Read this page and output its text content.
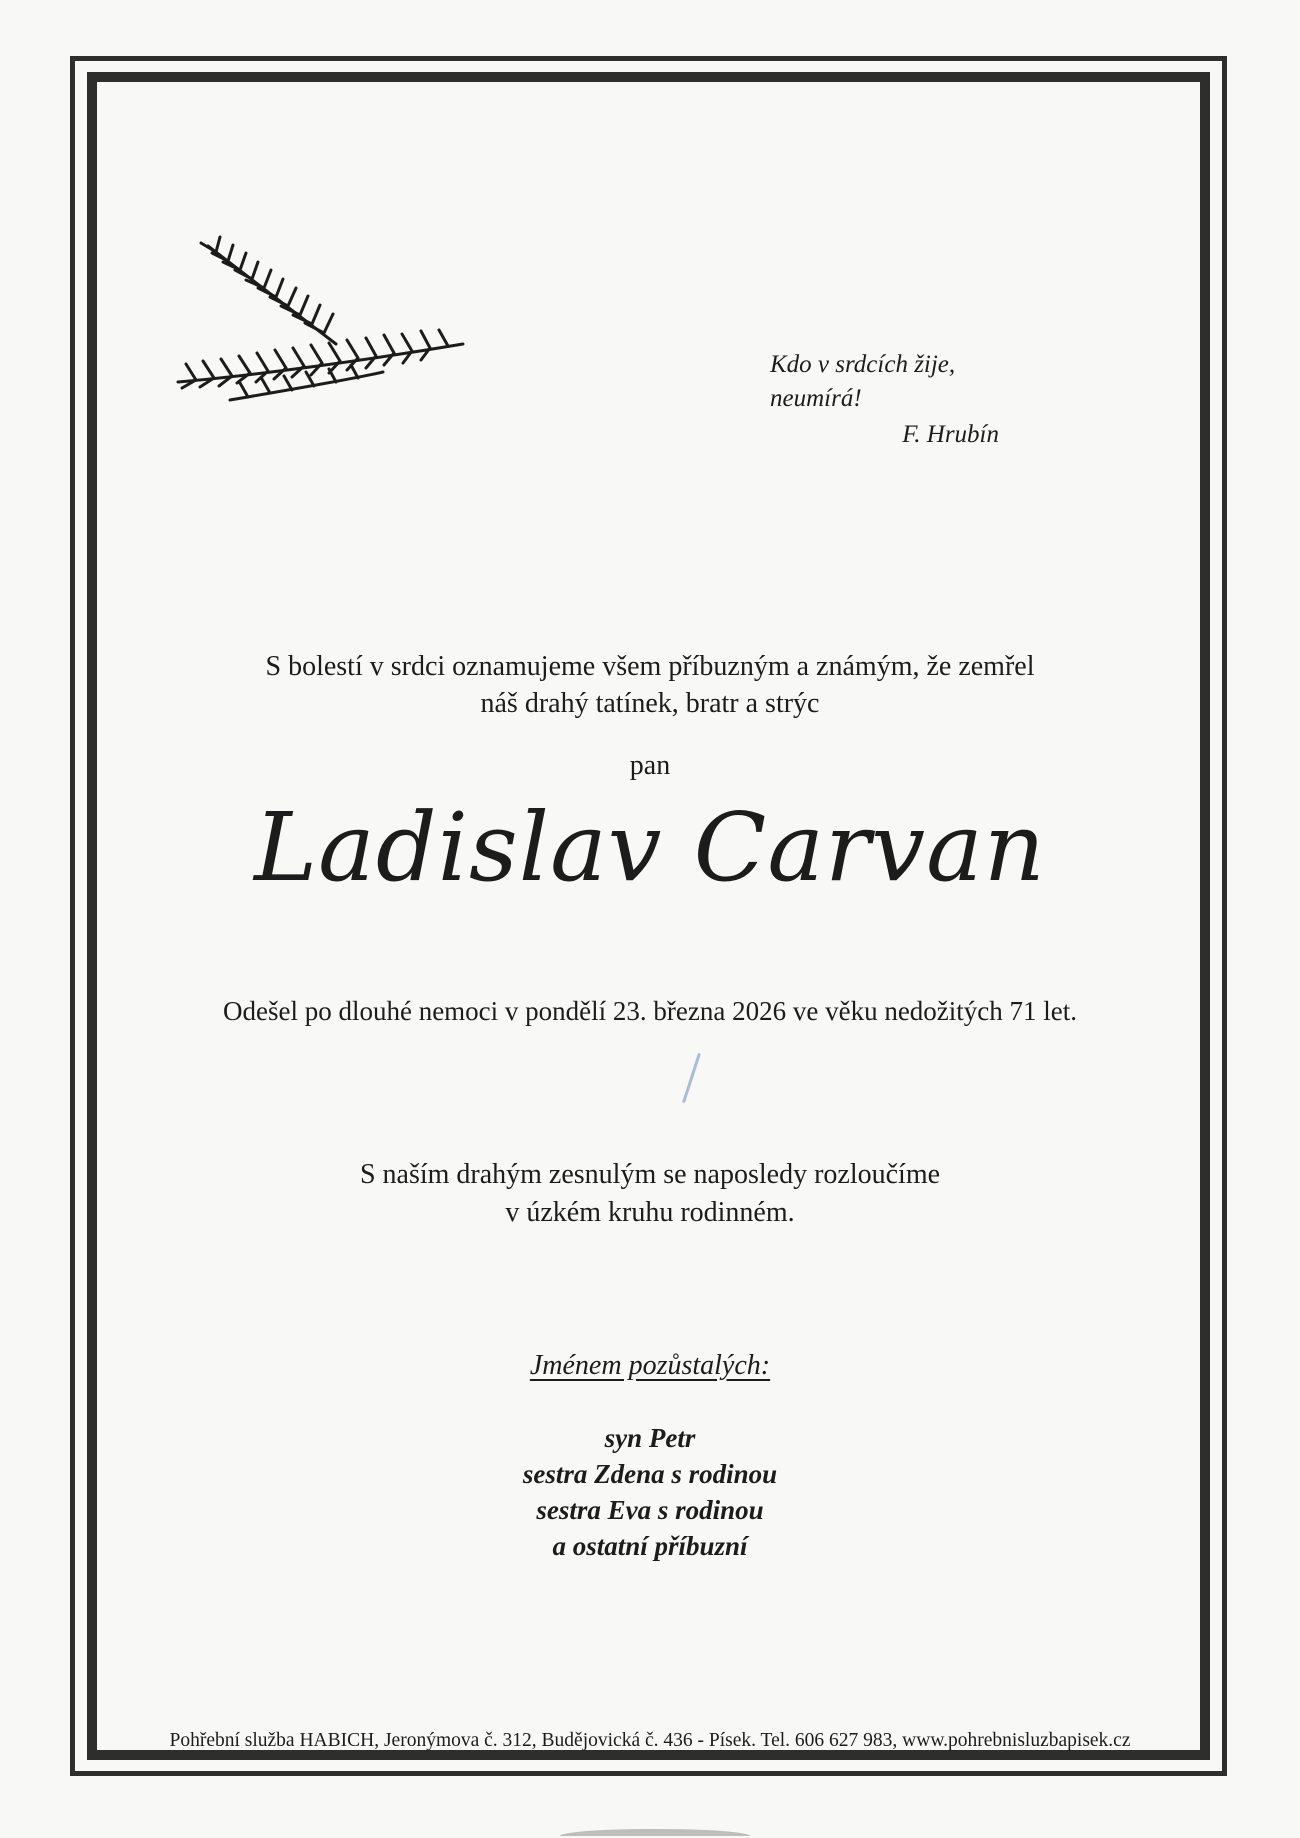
Kdo v srdcích žije,
neumírá!
F. Hrubín
S bolestí v srdci oznamujeme všem příbuzným a známým, že zemřel
náš drahý tatínek, bratr a strýc
pan
Ladislav Carvan
Odešel po dlouhé nemoci v pondělí 23. března 2026 ve věku nedožitých 71 let.
S naším drahým zesnulým se naposledy rozloučíme
v úzkém kruhu rodinném.
Jménem pozůstalých:
syn Petr
sestra Zdena s rodinou
sestra Eva s rodinou
a ostatní příbuzní
Pohřební služba HABICH, Jeronýmova č. 312, Budějovická č. 436 - Písek. Tel. 606 627 983, www.pohrebnisluzbapisek.cz
